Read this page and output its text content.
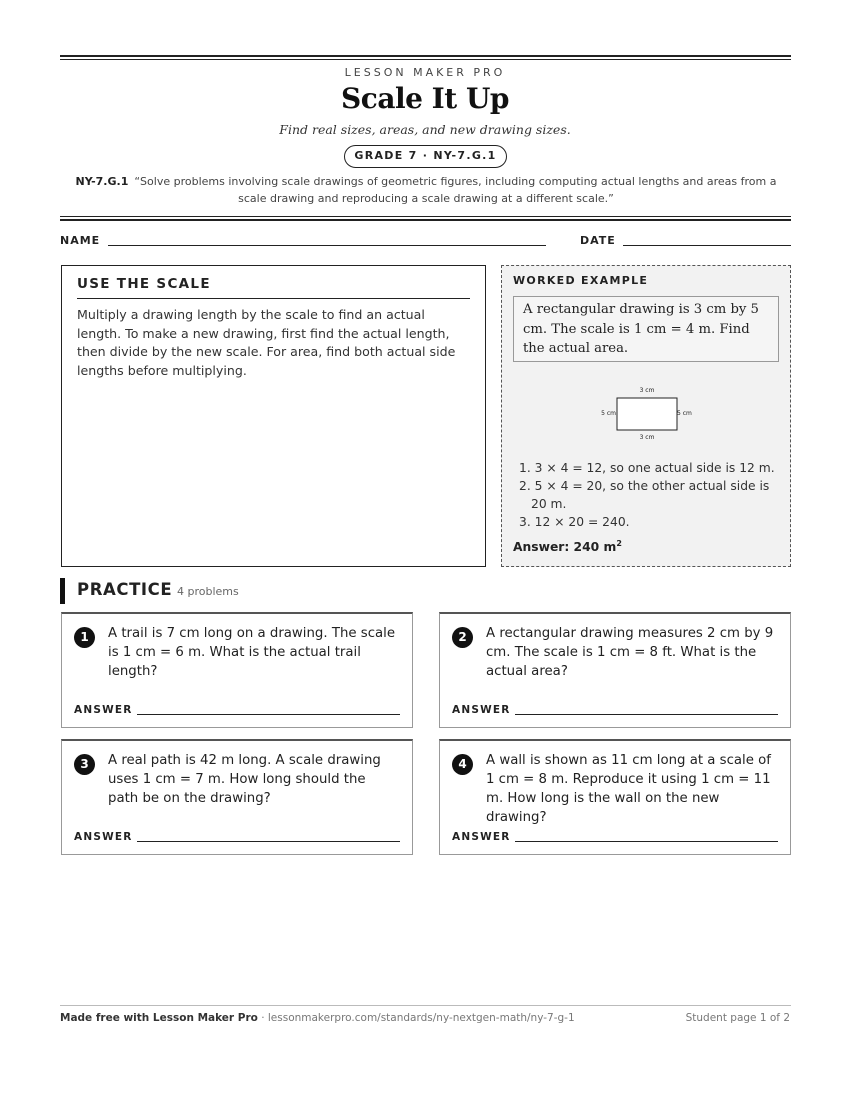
LESSON MAKER PRO
Scale It Up
Find real sizes, areas, and new drawing sizes.
GRADE 7 · NY-7.G.1
NY-7.G.1 “Solve problems involving scale drawings of geometric figures, including computing actual lengths and areas from a scale drawing and reproducing a scale drawing at a different scale.”
NAME	DATE
USE THE SCALE
Multiply a drawing length by the scale to find an actual length. To make a new drawing, first find the actual length, then divide by the new scale. For area, find both actual side lengths before multiplying.
WORKED EXAMPLE
A rectangular drawing is 3 cm by 5 cm. The scale is 1 cm = 4 m. Find the actual area.
3 cm
3 cm
5 cm	5 cm
1. 3 × 4 = 12, so one actual side is 12 m.
2. 5 × 4 = 20, so the other actual side is 20 m.
3. 12 × 20 = 240.
Answer: 240 $m^2$
PRACTICE 4 problems
1	A trail is 7 cm long on a drawing. The scale is 1 cm = 6 m. What is the actual trail length?
ANSWER
2	A rectangular drawing measures 2 cm by 9 cm. The scale is 1 cm = 8 ft. What is the actual area?
ANSWER
3	A real path is 42 m long. A scale drawing uses 1 cm = 7 m. How long should the path be on the drawing?
ANSWER
4	A wall is shown as 11 cm long at a scale of 1 cm = 8 m. Reproduce it using 1 cm = 11 m. How long is the wall on the new drawing?
ANSWER
Made free with Lesson Maker Pro · lessonmakerpro.com/standards/ny-nextgen-math/ny-7-g-1	Student page 1 of 2
